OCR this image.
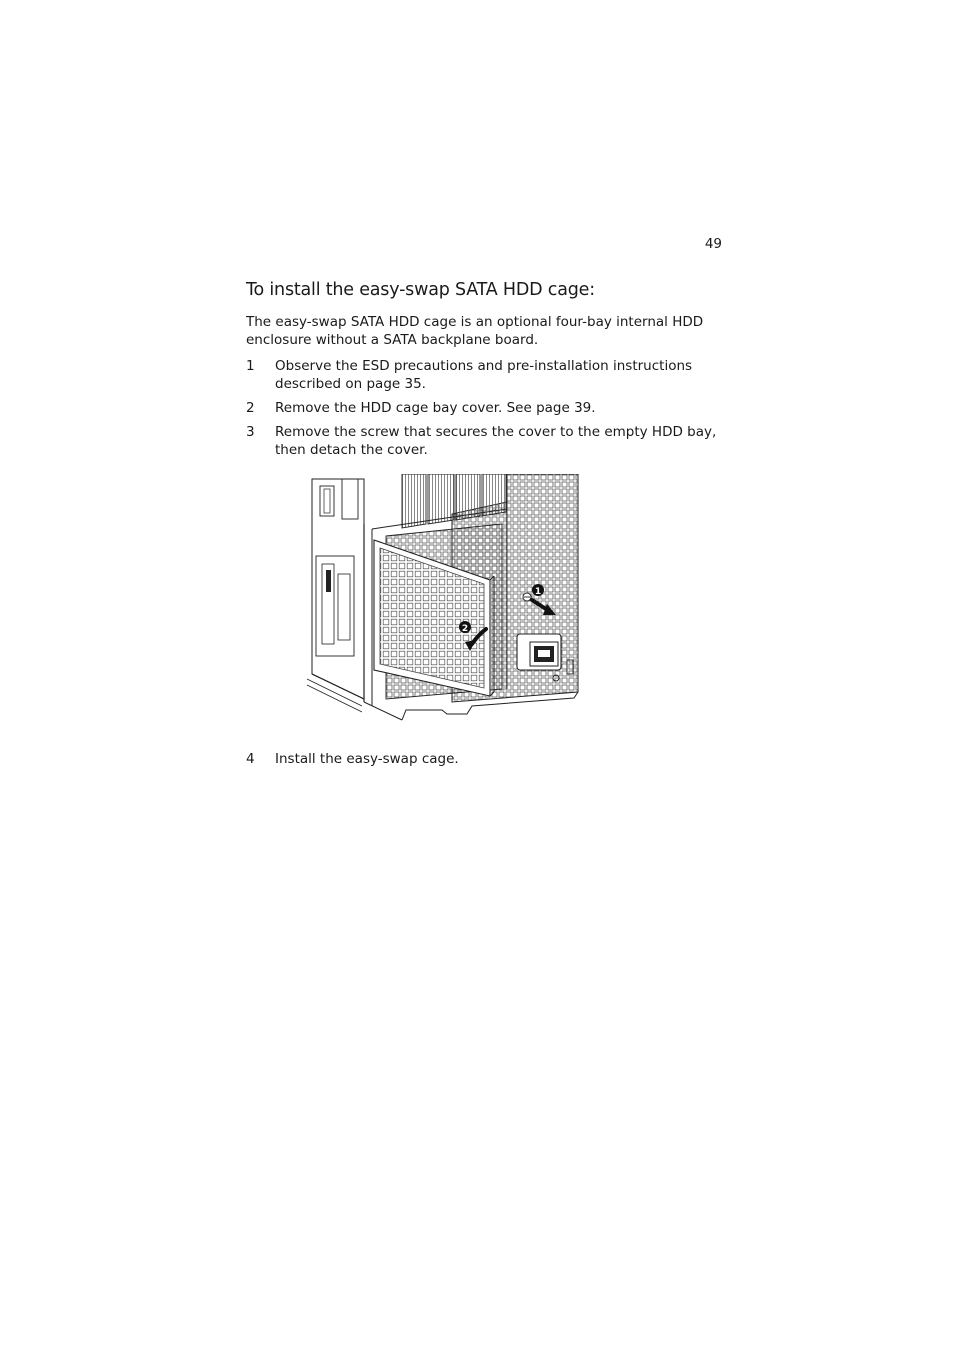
49
To install the easy-swap SATA HDD cage:

The easy-swap SATA HDD cage is an optional four-bay internal HDD enclosure without a SATA backplane board.

1 Observe the ESD precautions and pre-installation instructions described on page 35.
2 Remove the HDD cage bay cover. See page 39.
3 Remove the screw that secures the cover to the empty HDD bay, then detach the cover.
1
2
4 Install the easy-swap cage.
